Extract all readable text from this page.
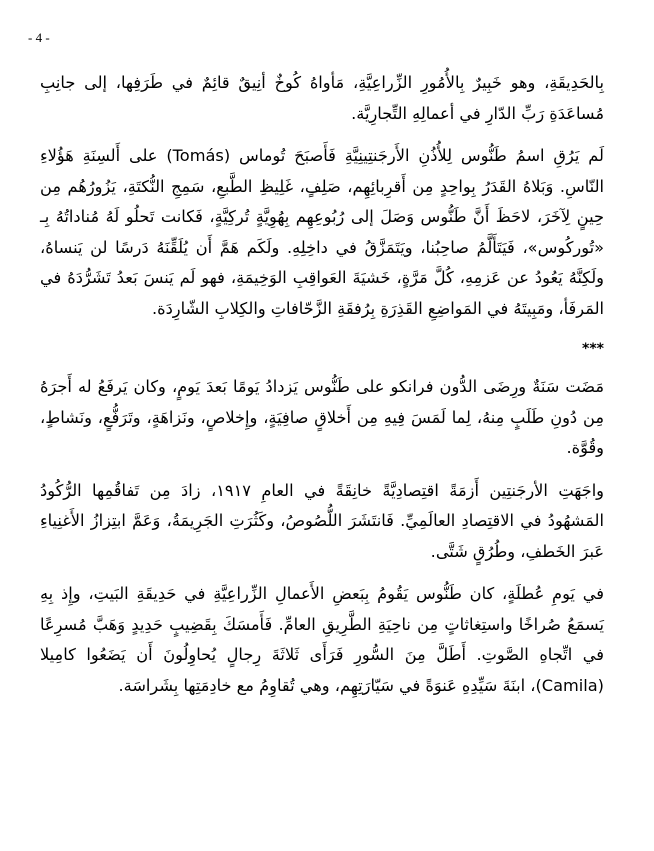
- 4 -

بِالحَدِيقَةِ، وهو خَبِيرٌ بِالأُمُورِ الزِّراعِيَّةِ، مَأواهُ كُوخٌ أنِيقٌ قائِمٌ في طَرَفِها، إلى جانِبِ مُساعَدَةِ رَبِّ الدّارِ في أعمالِهِ التِّجارِيَّة.

لَم يَرُقِ اسمُ طَنُّوس لِلأُذُنِ الأَرجَنتِينِيَّةِ فَأَصبَحَ تُوماس (Tomás) على أَلسِنَةِ هَؤُلاءِ النّاسِ. وَبَلاهُ القَدَرُ بِواحِدٍ مِن أَقرِبائِهِم، صَلِفٍ، غَلِيظِ الطَّبعِ، سَمِجِ النُّكتَةِ، يَزُورُهُم مِن حِينٍ لِآخَرَ، لاحَظَ أَنَّ طَنُّوس وَصَلَ إلى رُبُوعِهِم بِهُوِيَّةٍ تُركِيَّةٍ، فَكانت تَحلُو لَهُ مُناداتُهُ بِـ «تُوركُوس»، فَيَتَأَلَّمُ صاحِبُنا، ويَتَمَزَّقُ في داخِلِهِ. ولَكَم هَمَّ أَن يُلَقِّنَهُ دَرسًا لن يَنساهُ، ولَكِنَّهُ يَعُودُ عن عَزمِهِ، كُلَّ مَرَّةٍ، خَشيَةَ العَواقِبِ الوَخِيمَةِ، فهو لَم يَنسَ بَعدُ تَشَرُّدَهُ في المَرفَأ، ومَبِيتَهُ في المَواضِعِ القَذِرَةِ بِرُفقَةِ الزَّحّافاتِ والكِلابِ الشّارِدَة.

***

مَضَت سَنَةٌ ورِضَى الدُّون فرانكو على طَنُّوس يَزدادُ يَومًا بَعدَ يَومٍ، وكان يَرفَعُ له أَجرَهُ مِن دُونِ طَلَبٍ مِنهُ، لِما لَمَسَ فِيهِ مِن أَخلاقٍ صافِيَةٍ، وإِخلاصٍ، ونَزاهَةٍ، وتَرَفُّعٍ، ونَشاطٍ، وقُوَّة.

واجَهَتِ الأرجَنتِين أَزمَةً اقتِصادِيَّةً خانِقَةً في العامِ ١٩١٧، زادَ مِن تَفاقُمِها الرُّكُودُ المَشهُودُ في الاقتِصادِ العالَمِيِّ. فَانتَشَرَ اللُّصُوصُ، وكَثُرَتِ الجَرِيمَةُ، وَعَمَّ ابتِزازُ الأَغنِياءِ عَبرَ الخَطفِ، وطُرُقٍ شَتَّى.

في يَومِ عُطلَةٍ، كان طَنُّوس يَقُومُ بِبَعضِ الأَعمالِ الزِّراعِيَّةِ في حَدِيقَةِ البَيتِ، وإِذ بِهِ يَسمَعُ صُراخًا واستِغاثاتٍ مِن ناحِيَةِ الطَّرِيقِ العامِّ. فَأَمسَكَ بِقَضِيبٍ حَدِيدٍ وَهَبَّ مُسرِعًا في اتِّجاهِ الصَّوتِ. أَطَلَّ مِنَ السُّورِ فَرَأَى ثَلاثَةَ رِجالٍ يُحاوِلُونَ أَن يَضَعُوا كامِيلا (Camila)، ابنَةَ سَيِّدِهِ عَنوَةً في سَيّارَتِهِم، وهي تُقاوِمُ مع خادِمَتِها بِشَراسَة.
